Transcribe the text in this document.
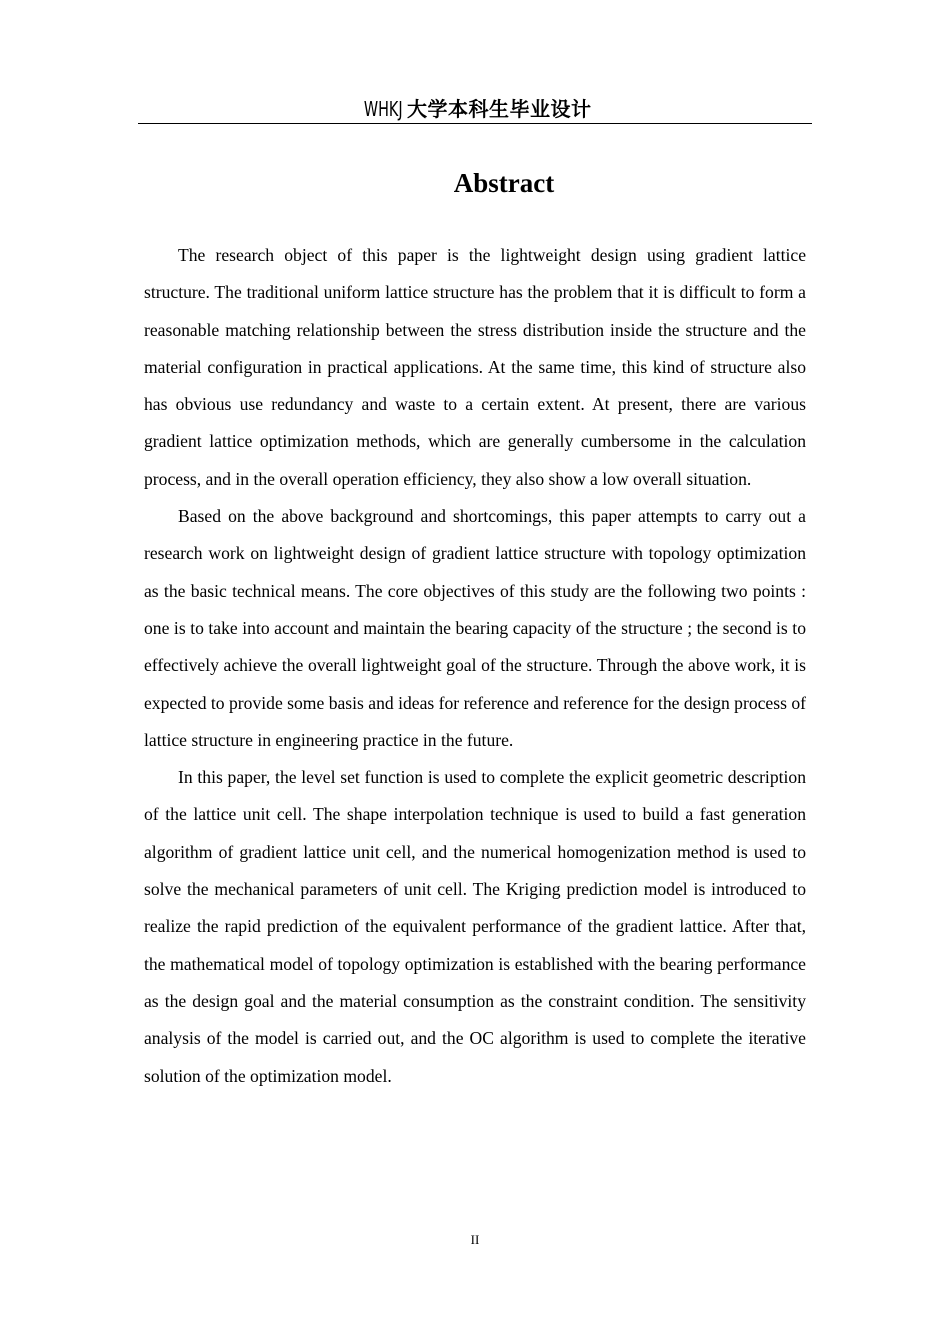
WHKJ 大学本科生毕业设计
Abstract

The research object of this paper is the lightweight design using gradient lattice structure. The traditional uniform lattice structure has the problem that it is difficult to form a reasonable matching relationship between the stress distribution inside the structure and the material configuration in practical applications. At the same time, this kind of structure also has obvious use redundancy and waste to a certain extent. At present, there are various gradient lattice optimization methods, which are generally cumbersome in the calculation process, and in the overall operation efficiency, they also show a low overall situation.

Based on the above background and shortcomings, this paper attempts to carry out a research work on lightweight design of gradient lattice structure with topology optimization as the basic technical means. The core objectives of this study are the following two points : one is to take into account and maintain the bearing capacity of the structure ; the second is to effectively achieve the overall lightweight goal of the structure. Through the above work, it is expected to provide some basis and ideas for reference and reference for the design process of lattice structure in engineering practice in the future.

In this paper, the level set function is used to complete the explicit geometric description of the lattice unit cell. The shape interpolation technique is used to build a fast generation algorithm of gradient lattice unit cell, and the numerical homogenization method is used to solve the mechanical parameters of unit cell. The Kriging prediction model is introduced to realize the rapid prediction of the equivalent performance of the gradient lattice. After that, the mathematical model of topology optimization is established with the bearing performance as the design goal and the material consumption as the constraint condition. The sensitivity analysis of the model is carried out, and the OC algorithm is used to complete the iterative solution of the optimization model.

II
